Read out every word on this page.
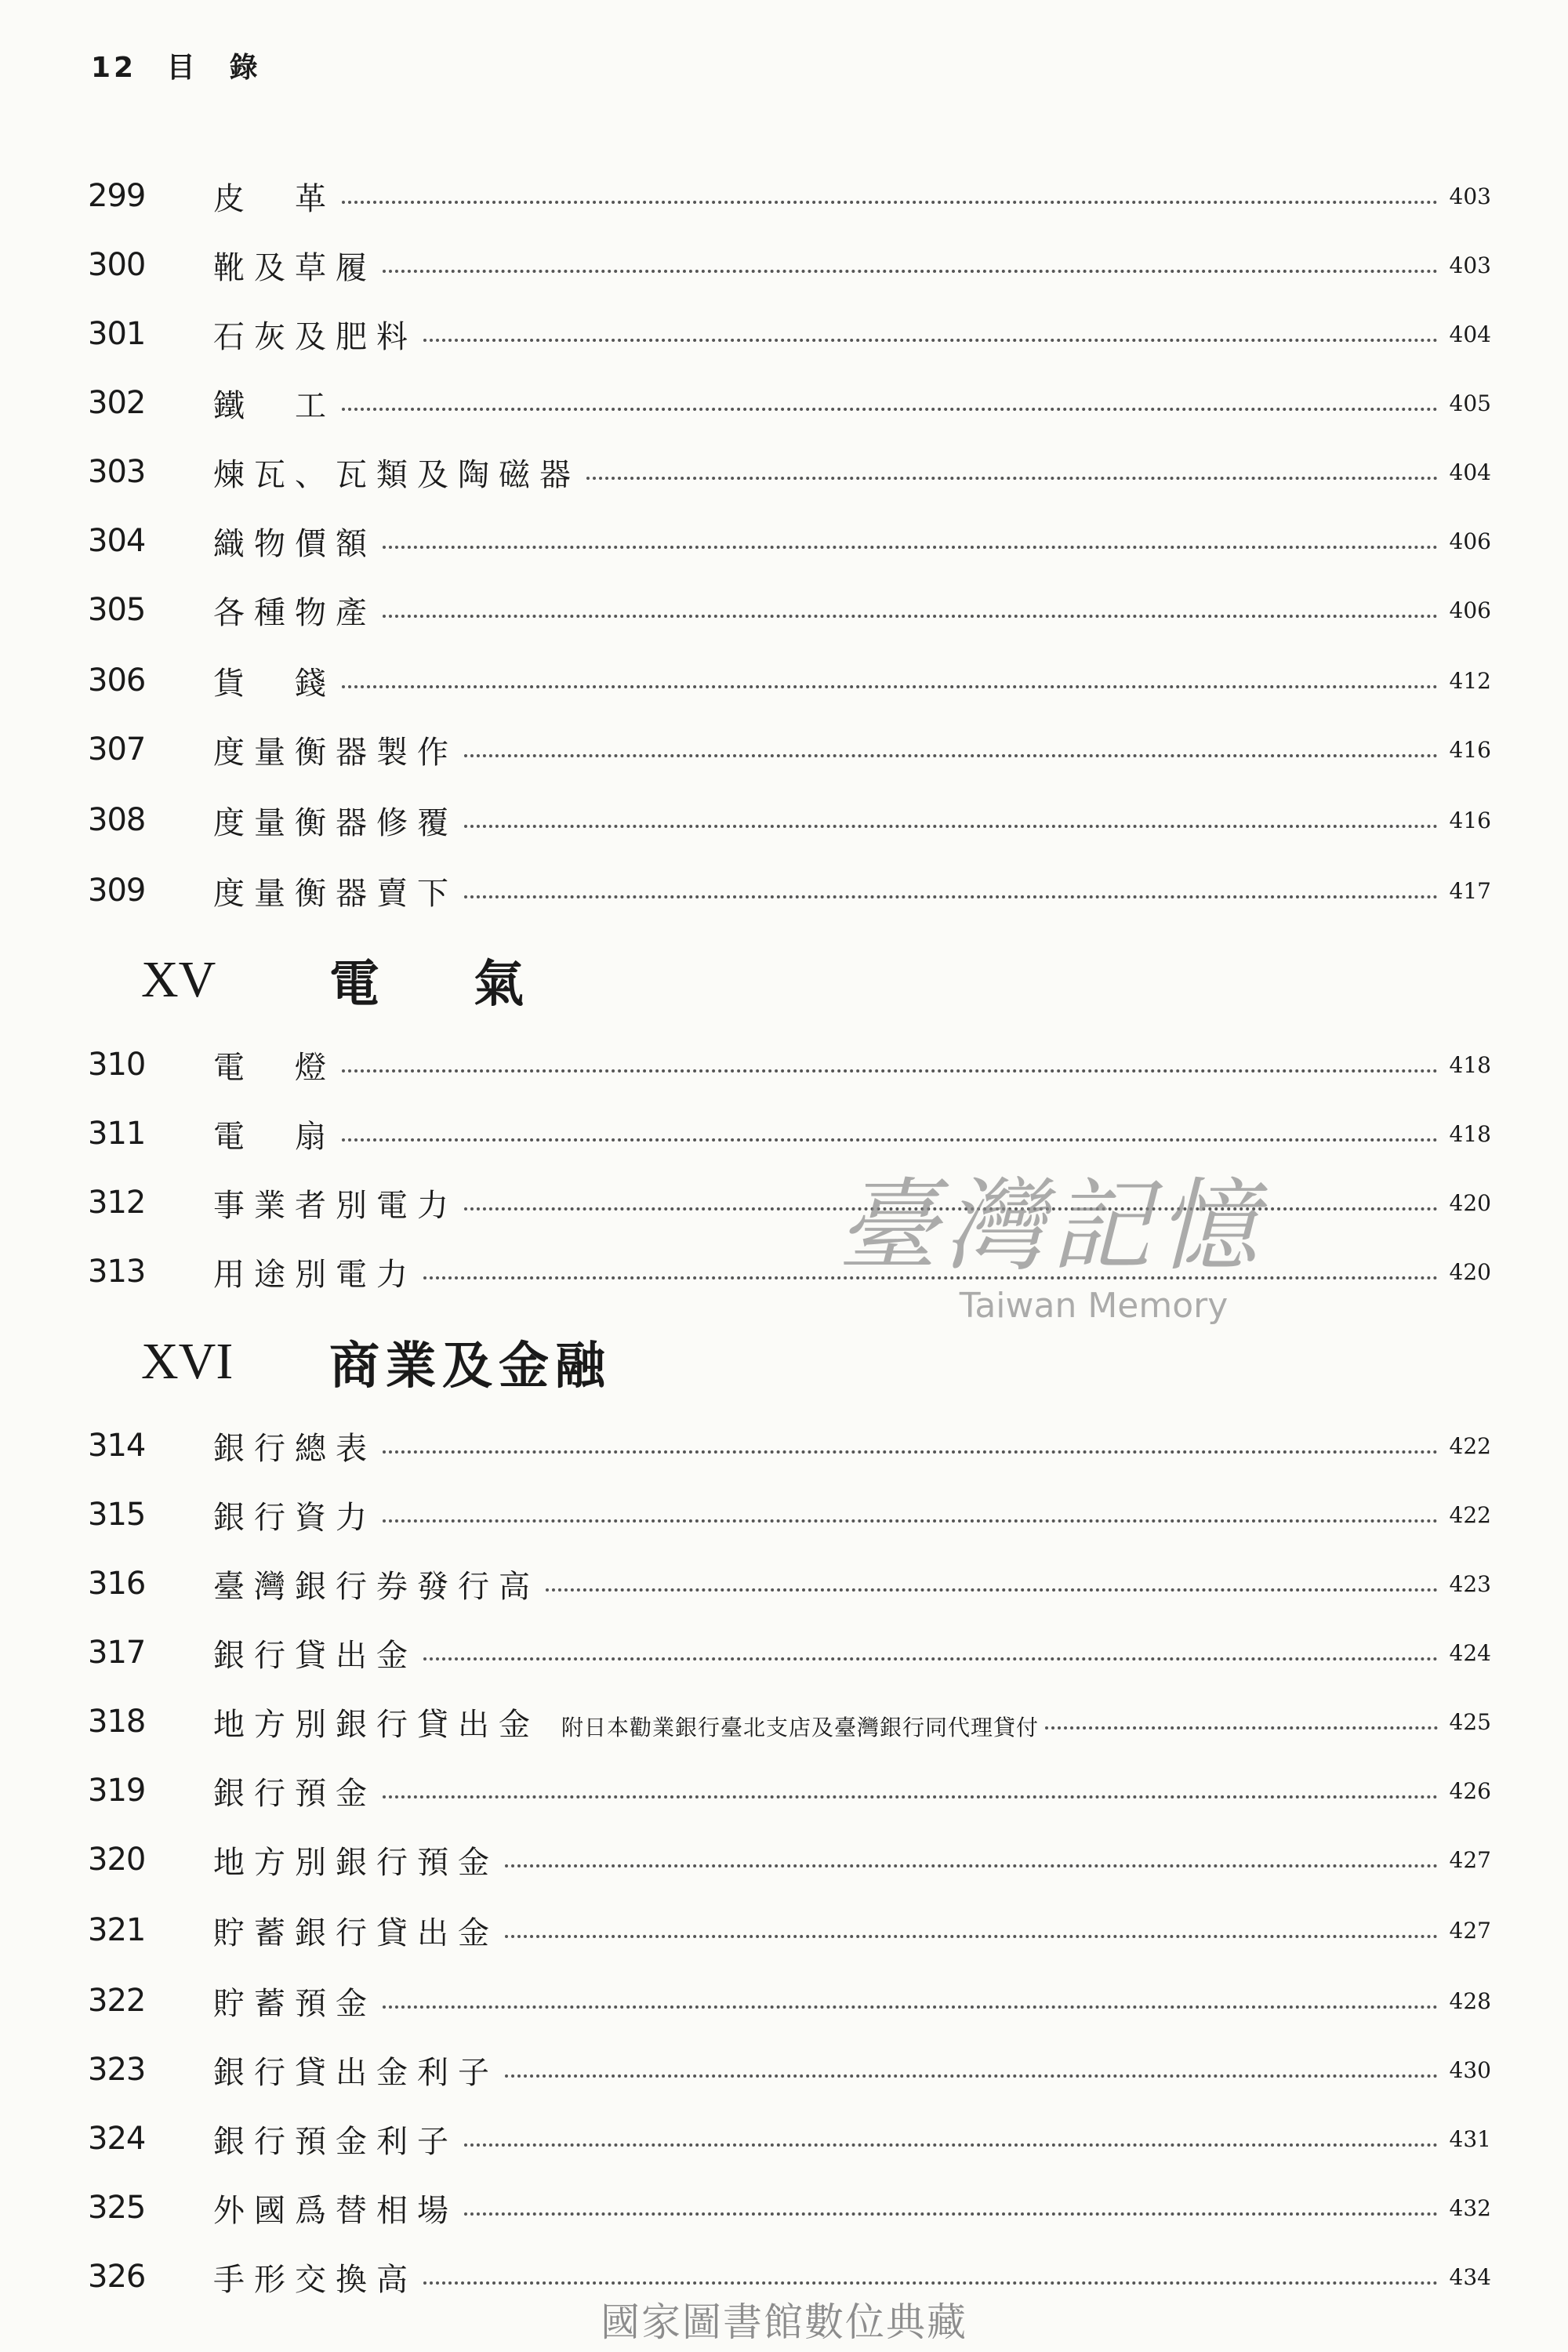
12 目　錄
299	皮　革	403
300	靴及草履	403
301	石灰及肥料	404
302	鐵　工	405
303	煉瓦、瓦類及陶磁器	404
304	織物價額	406
305	各種物產	406
306	貨　錢	412
307	度量衡器製作	416
308	度量衡器修覆	416
309	度量衡器賣下	417
XV	電氣
310	電　燈	418
311	電　扇	418
312	事業者別電力	420
313	用途別電力	420
XVI	商業及金融
314	銀行總表	422
315	銀行資力	422
316	臺灣銀行券發行高	423
317	銀行貸出金	424
318	地方別銀行貸出金 附日本勸業銀行臺北支店及臺灣銀行同代理貸付	425
319	銀行預金	426
320	地方別銀行預金	427
321	貯蓄銀行貸出金	427
322	貯蓄預金	428
323	銀行貸出金利子	430
324	銀行預金利子	431
325	外國爲替相場	432
326	手形交換高	434
臺灣記憶
Taiwan Memory
國家圖書館數位典藏
